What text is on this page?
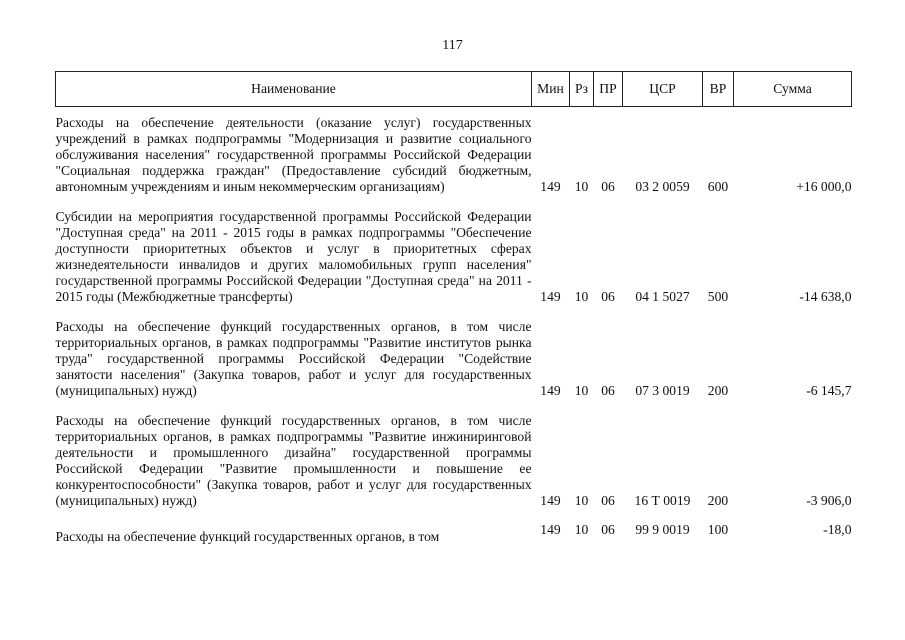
117
Наименование	Мин	Рз	ПР	ЦСР	ВР	Сумма
Расходы на обеспечение деятельности (оказание услуг) государственных учреждений в рамках подпрограммы "Модернизация и развитие социального обслуживания населения" государственной программы Российской Федерации "Социальная поддержка граждан" (Предоставление субсидий бюджетным, автономным учреждениям и иным некоммерческим организациям)	149	10	06	03 2 0059	600	+16 000,0
Субсидии на мероприятия государственной программы Российской Федерации "Доступная среда" на 2011 - 2015 годы в рамках подпрограммы "Обеспечение доступности приоритетных объектов и услуг в приоритетных сферах жизнедеятельности инвалидов и других маломобильных групп населения" государственной программы Российской Федерации "Доступная среда" на 2011 - 2015 годы (Межбюджетные трансферты)	149	10	06	04 1 5027	500	-14 638,0
Расходы на обеспечение функций государственных органов, в том числе территориальных органов, в рамках подпрограммы "Развитие институтов рынка труда" государственной программы Российской Федерации "Содействие занятости населения" (Закупка товаров, работ и услуг для государственных (муниципальных) нужд)	149	10	06	07 3 0019	200	-6 145,7
Расходы на обеспечение функций государственных органов, в том числе территориальных органов, в рамках подпрограммы "Развитие инжиниринговой деятельности и промышленного дизайна" государственной программы Российской Федерации "Развитие промышленности и повышение ее конкурентоспособности" (Закупка товаров, работ и услуг для государственных (муниципальных) нужд)	149	10	06	16 Т 0019	200	-3 906,0
Расходы на обеспечение функций государственных органов, в том	149	10	06	99 9 0019	100	-18,0
